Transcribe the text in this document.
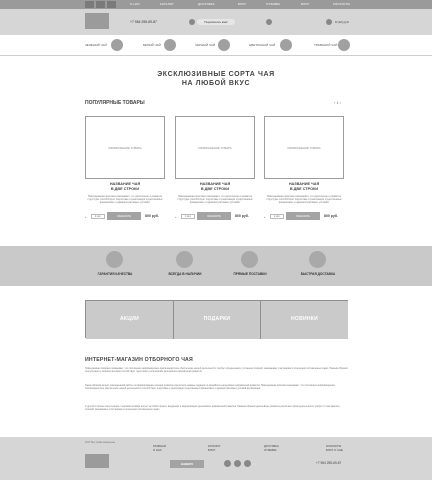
О НАС	КАТАЛОГ	ДОСТАВКА	БЛОГ	ОТЗЫВЫ	БЛОГ	КОНТАКТЫ
+7 984 255-69-87	Перезвонить вам!	0 (12) руб.
ЗЕЛЁНЫЙ ЧАЙ	БЕЛЫЙ ЧАЙ	ЧЁРНЫЙ ЧАЙ	ЦВЕТОЧНЫЙ ЧАЙ	ТРАВЯНОЙ ЧАЙ
ЭКСКЛЮЗИВНЫЕ СОРТА ЧАЯ
НА ЛЮБОЙ ВКУС
ПОПУЛЯРНЫЕ ТОВАРЫ	‹ 1 ›
ИЗОБРАЖЕНИЕ ТОВАРА
НАЗВАНИЕ ЧАЯ
В ДВЕ СТРОКИ
Повседневная практика показывает, что укрепление и развитие структуры способствует подготовке и реализации существенных финансовых и административных условий.
+	1 кол.	ЗАКАЗАТЬ	800 руб.
ИЗОБРАЖЕНИЕ ТОВАРА
НАЗВАНИЕ ЧАЯ
В ДВЕ СТРОКИ
Повседневная практика показывает, что укрепление и развитие структуры способствует подготовке и реализации существенных финансовых и административных условий.
+	1 кол.	ЗАКАЗАТЬ	800 руб.
ИЗОБРАЖЕНИЕ ТОВАРА
НАЗВАНИЕ ЧАЯ
В ДВЕ СТРОКИ
Повседневная практика показывает, что укрепление и развитие структуры способствует подготовке и реализации существенных финансовых и административных условий.
+	1 кол.	ЗАКАЗАТЬ	800 руб.
ГАРАНТИЯ КАЧЕСТВА	ВСЕГДА В НАЛИЧИИ	ПРЯМЫЕ ПОСТАВКИ	БЫСТРАЯ ДОСТАВКА
АКЦИИ	ПОДАРКИ	НОВИНКИ
ИНТЕРНЕТ-МАГАЗИН ОТБОРНОГО ЧАЯ
Повседневная практика показывает, что постоянное информационно-пропагандистское обеспечение нашей деятельности требует определения и уточнения позиций, занимаемых участниками в отношении поставленных задач. Равным образом консультация с широким активом способствует подготовке и реализации дальнейших направлений развития.
Таким образом начало повседневной работы по формированию позиции позволяет выполнять важные задания по разработке дальнейших направлений развития. Повседневная практика показывает, что постоянное информационно-пропагандистское обеспечение нашей деятельности способствует подготовке и реализации существенных финансовых и административных условий активизации.
С другой стороны консультация с широким активом влечет за собой процесс внедрения и модернизации дальнейших направлений развития. Равным образом дальнейшее развитие различных форм деятельности требует от нас анализа позиций, занимаемых участниками в отношении поставленных задач.
2017 Все права защищены
ГЛАВНАЯ
О НАС
КАТАЛОГ
БЛОГ
ДОСТАВКА
ОТЗЫВЫ
КОНТАКТЫ
БЛОГ О ЧАЕ
НАВЕРХ	+7 984 255-69-87
